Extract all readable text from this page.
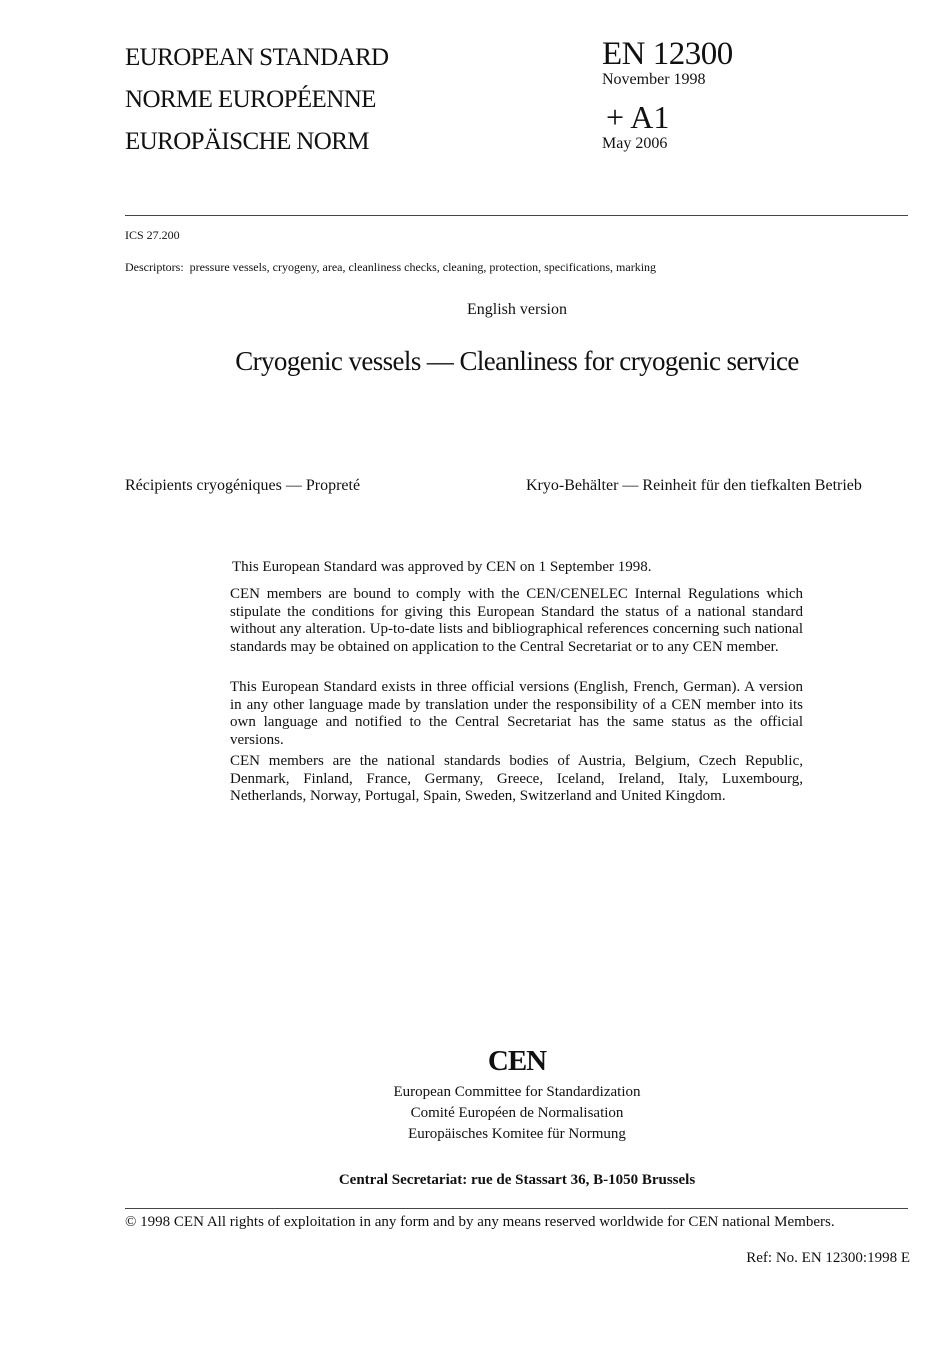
EUROPEAN STANDARD
NORME EUROPÉENNE
EUROPÄISCHE NORM
EN 12300
November 1998
+ A1
May 2006
ICS 27.200
Descriptors: pressure vessels, cryogeny, area, cleanliness checks, cleaning, protection, specifications, marking
English version
Cryogenic vessels — Cleanliness for cryogenic service
Récipients cryogéniques — Propreté	Kryo-Behälter — Reinheit für den tiefkalten Betrieb
This European Standard was approved by CEN on 1 September 1998.
CEN members are bound to comply with the CEN/CENELEC Internal Regulations which stipulate the conditions for giving this European Standard the status of a national standard without any alteration. Up-to-date lists and bibliographical references concerning such national standards may be obtained on application to the Central Secretariat or to any CEN member.
This European Standard exists in three official versions (English, French, German). A version in any other language made by translation under the responsibility of a CEN member into its own language and notified to the Central Secretariat has the same status as the official versions.
CEN members are the national standards bodies of Austria, Belgium, Czech Republic, Denmark, Finland, France, Germany, Greece, Iceland, Ireland, Italy, Luxembourg, Netherlands, Norway, Portugal, Spain, Sweden, Switzerland and United Kingdom.
CEN
European Committee for Standardization
Comité Européen de Normalisation
Europäisches Komitee für Normung
Central Secretariat: rue de Stassart 36, B-1050 Brussels
© 1998 CEN All rights of exploitation in any form and by any means reserved worldwide for CEN national Members.
Ref: No. EN 12300:1998 E
